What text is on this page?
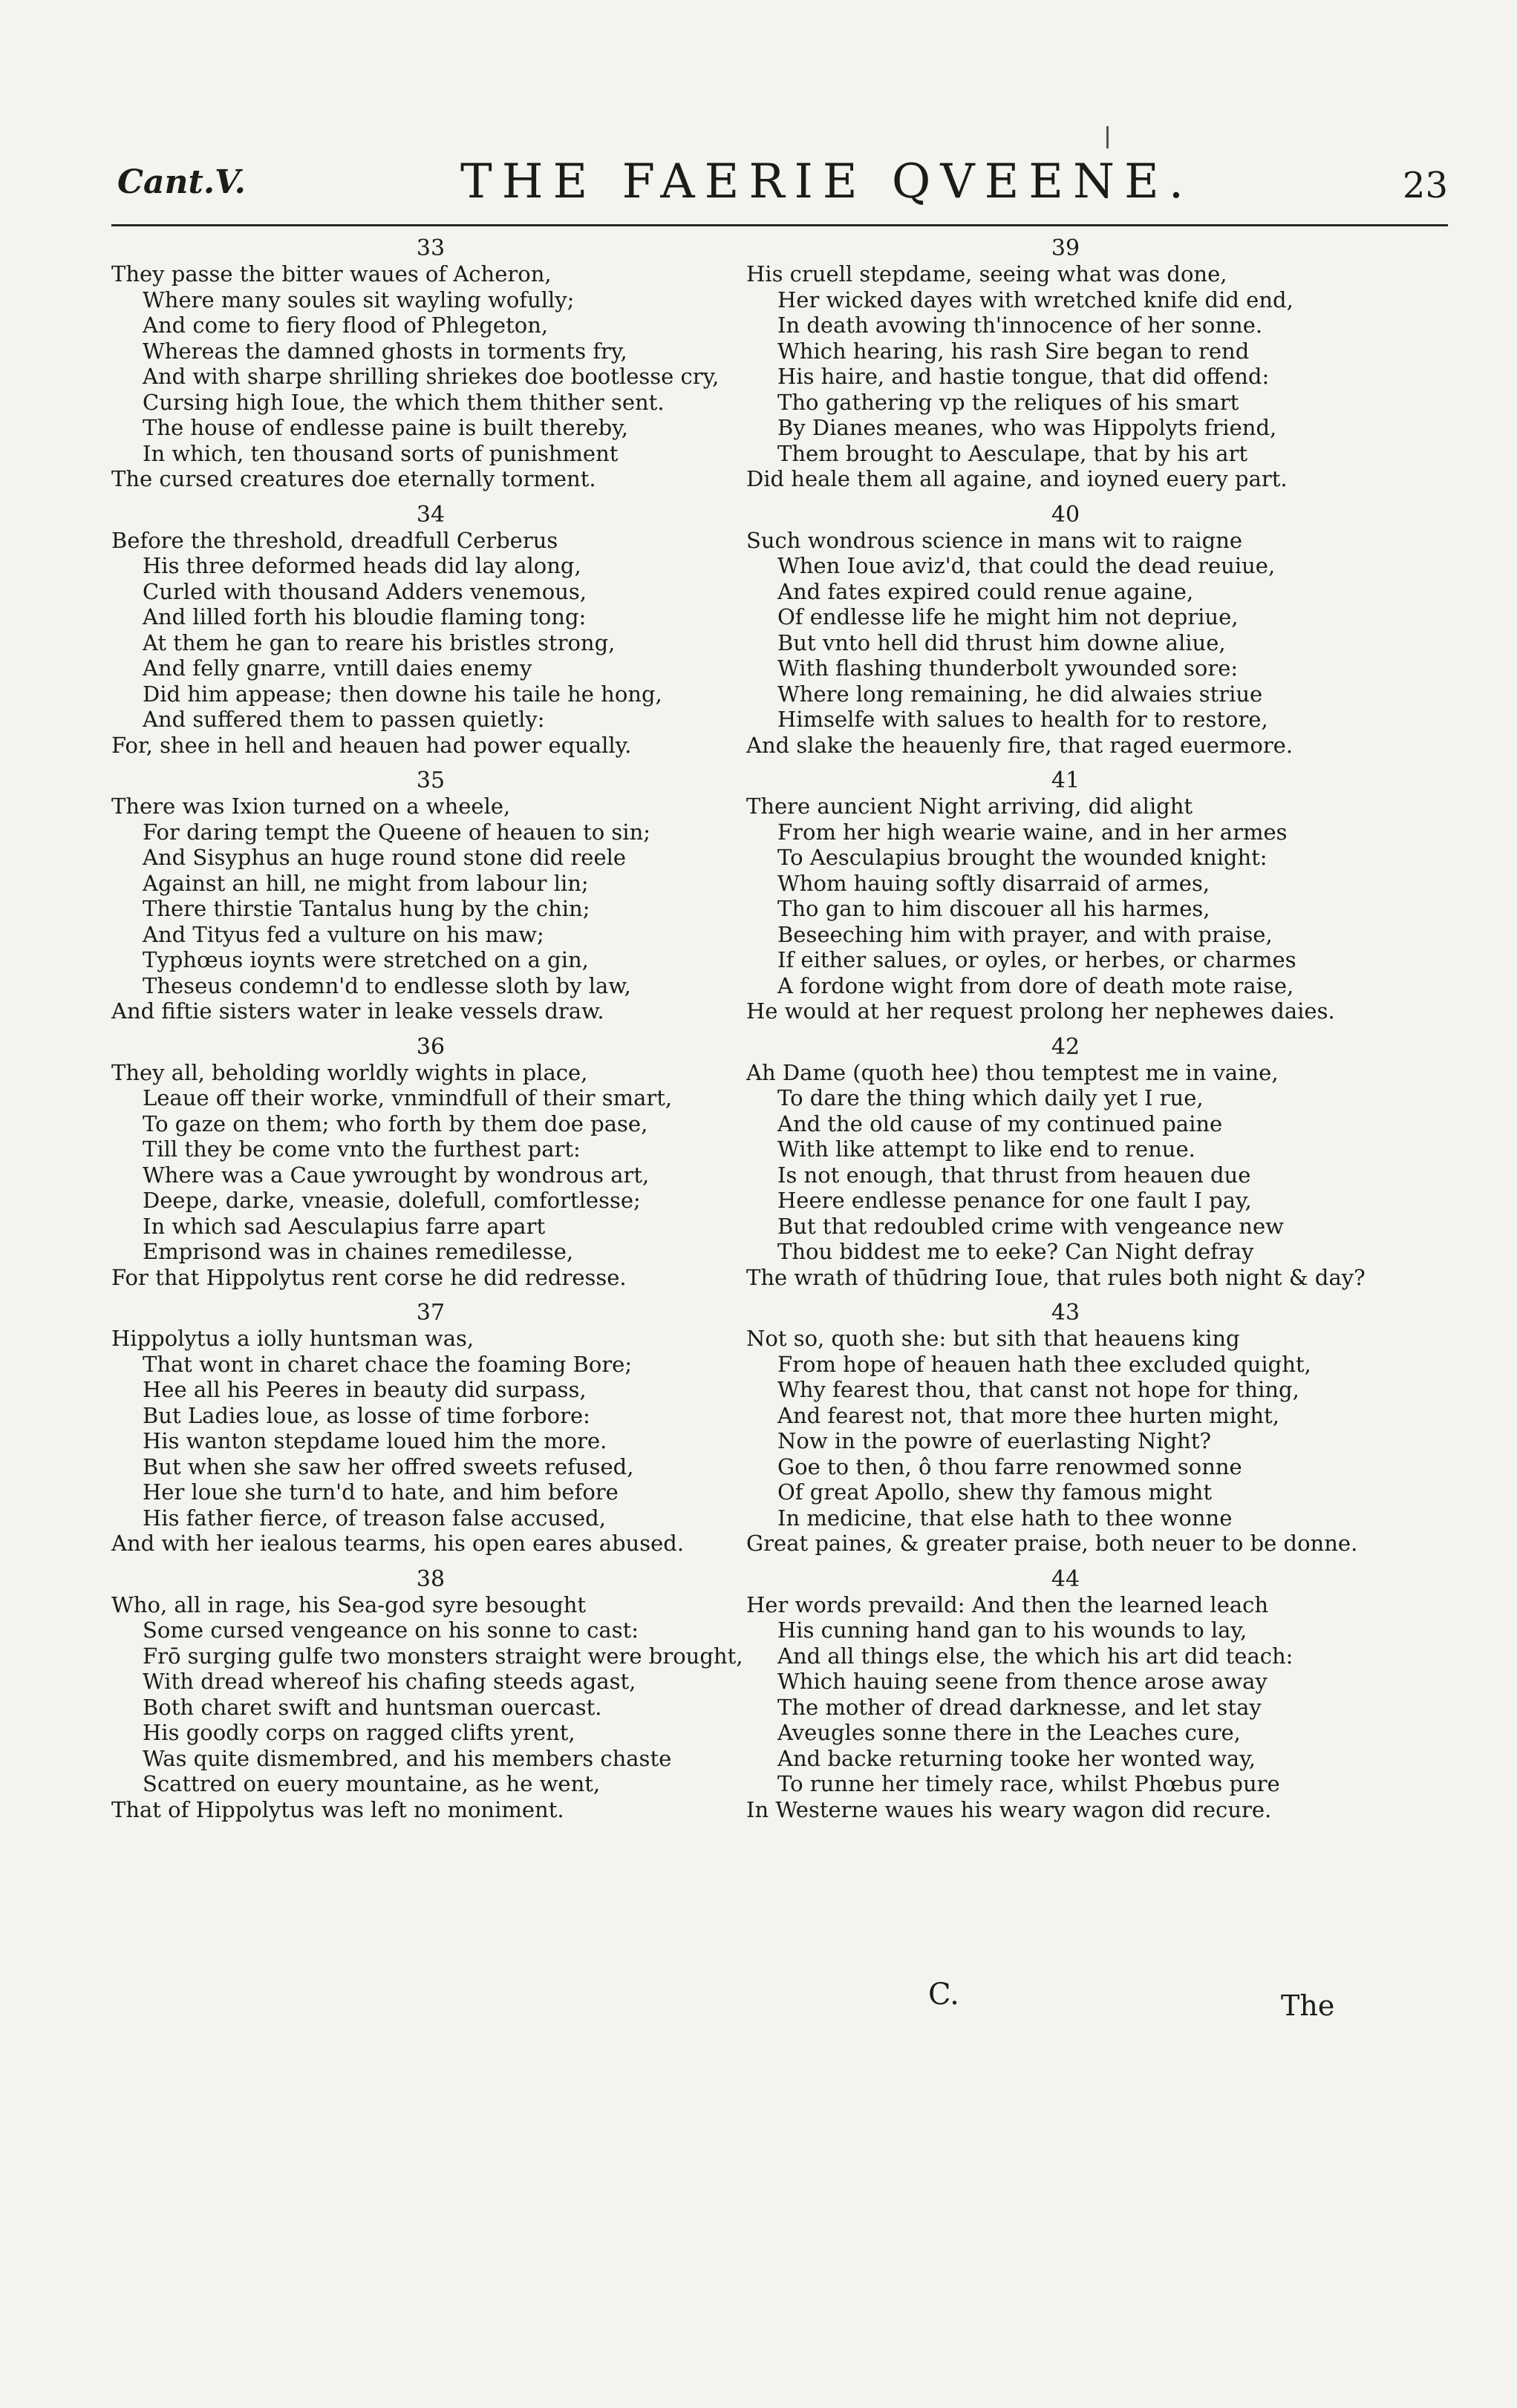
Cant.V.	THE FAERIE QVEENE.	23
33
They passe the bitter waues of Acheron,
Where many soules sit wayling wofully;
And come to fiery flood of Phlegeton,
Whereas the damned ghosts in torments fry,
And with sharpe shrilling shriekes doe bootlesse cry,
Cursing high Ioue, the which them thither sent.
The house of endlesse paine is built thereby,
In which, ten thousand sorts of punishment
The cursed creatures doe eternally torment.
34
Before the threshold, dreadfull Cerberus
His three deformed heads did lay along,
Curled with thousand Adders venemous,
And lilled forth his bloudie flaming tong:
At them he gan to reare his bristles strong,
And felly gnarre, vntill daies enemy
Did him appease; then downe his taile he hong,
And suffered them to passen quietly:
For, shee in hell and heauen had power equally.
35
There was Ixion turned on a wheele,
For daring tempt the Queene of heauen to sin;
And Sisyphus an huge round stone did reele
Against an hill, ne might from labour lin;
There thirstie Tantalus hung by the chin;
And Tityus fed a vulture on his maw;
Typhœus ioynts were stretched on a gin,
Theseus condemn'd to endlesse sloth by law,
And fiftie sisters water in leake vessels draw.
36
They all, beholding worldly wights in place,
Leaue off their worke, vnmindfull of their smart,
To gaze on them; who forth by them doe pase,
Till they be come vnto the furthest part:
Where was a Caue ywrought by wondrous art,
Deepe, darke, vneasie, dolefull, comfortlesse;
In which sad Aesculapius farre apart
Emprisond was in chaines remedilesse,
For that Hippolytus rent corse he did redresse.
37
Hippolytus a iolly huntsman was,
That wont in charet chace the foaming Bore;
Hee all his Peeres in beauty did surpass,
But Ladies loue, as losse of time forbore:
His wanton stepdame loued him the more.
But when she saw her offred sweets refused,
Her loue she turn'd to hate, and him before
His father fierce, of treason false accused,
And with her iealous tearms, his open eares abused.
38
Who, all in rage, his Sea-god syre besought
Some cursed vengeance on his sonne to cast:
Frō surging gulfe two monsters straight were brought,
With dread whereof his chafing steeds agast,
Both charet swift and huntsman ouercast.
His goodly corps on ragged clifts yrent,
Was quite dismembred, and his members chaste
Scattred on euery mountaine, as he went,
That of Hippolytus was left no moniment.
39
His cruell stepdame, seeing what was done,
Her wicked dayes with wretched knife did end,
In death avowing th'innocence of her sonne.
Which hearing, his rash Sire began to rend
His haire, and hastie tongue, that did offend:
Tho gathering vp the reliques of his smart
By Dianes meanes, who was Hippolyts friend,
Them brought to Aesculape, that by his art
Did heale them all againe, and ioyned euery part.
40
Such wondrous science in mans wit to raigne
When Ioue aviz'd, that could the dead reuiue,
And fates expired could renue againe,
Of endlesse life he might him not depriue,
But vnto hell did thrust him downe aliue,
With flashing thunderbolt ywounded sore:
Where long remaining, he did alwaies striue
Himselfe with salues to health for to restore,
And slake the heauenly fire, that raged euermore.
41
There auncient Night arriving, did alight
From her high wearie waine, and in her armes
To Aesculapius brought the wounded knight:
Whom hauing softly disarraid of armes,
Tho gan to him discouer all his harmes,
Beseeching him with prayer, and with praise,
If either salues, or oyles, or herbes, or charmes
A fordone wight from dore of death mote raise,
He would at her request prolong her nephewes daies.
42
Ah Dame (quoth hee) thou temptest me in vaine,
To dare the thing which daily yet I rue,
And the old cause of my continued paine
With like attempt to like end to renue.
Is not enough, that thrust from heauen due
Heere endlesse penance for one fault I pay,
But that redoubled crime with vengeance new
Thou biddest me to eeke? Can Night defray
The wrath of thūdring Ioue, that rules both night & day?
43
Not so, quoth she: but sith that heauens king
From hope of heauen hath thee excluded quight,
Why fearest thou, that canst not hope for thing,
And fearest not, that more thee hurten might,
Now in the powre of euerlasting Night?
Goe to then, ô thou farre renowmed sonne
Of great Apollo, shew thy famous might
In medicine, that else hath to thee wonne
Great paines, & greater praise, both neuer to be donne.
44
Her words prevaild: And then the learned leach
His cunning hand gan to his wounds to lay,
And all things else, the which his art did teach:
Which hauing seene from thence arose away
The mother of dread darknesse, and let stay
Aveugles sonne there in the Leaches cure,
And backe returning tooke her wonted way,
To runne her timely race, whilst Phœbus pure
In Westerne waues his weary wagon did recure.
C.	The
